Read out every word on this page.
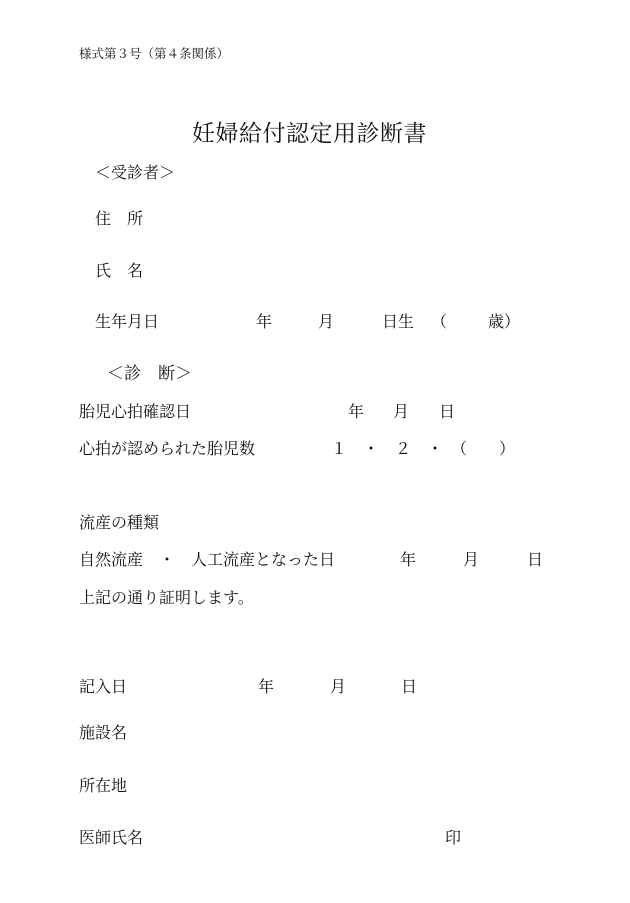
様式第３号（第４条関係）
妊婦給付認定用診断書
＜受診者＞
住　所
氏　名
生年月日	年	月	日生 （	歳）
＜診　断＞
胎児心拍確認日	年 月 日
心拍が認められた胎児数	１　・　２　・　（　　）
流産の種類
自然流産　・　人工流産となった日	年	月	日
上記の通り証明します。
記入日	年	月	日
施設名
所在地
医師氏名	印
